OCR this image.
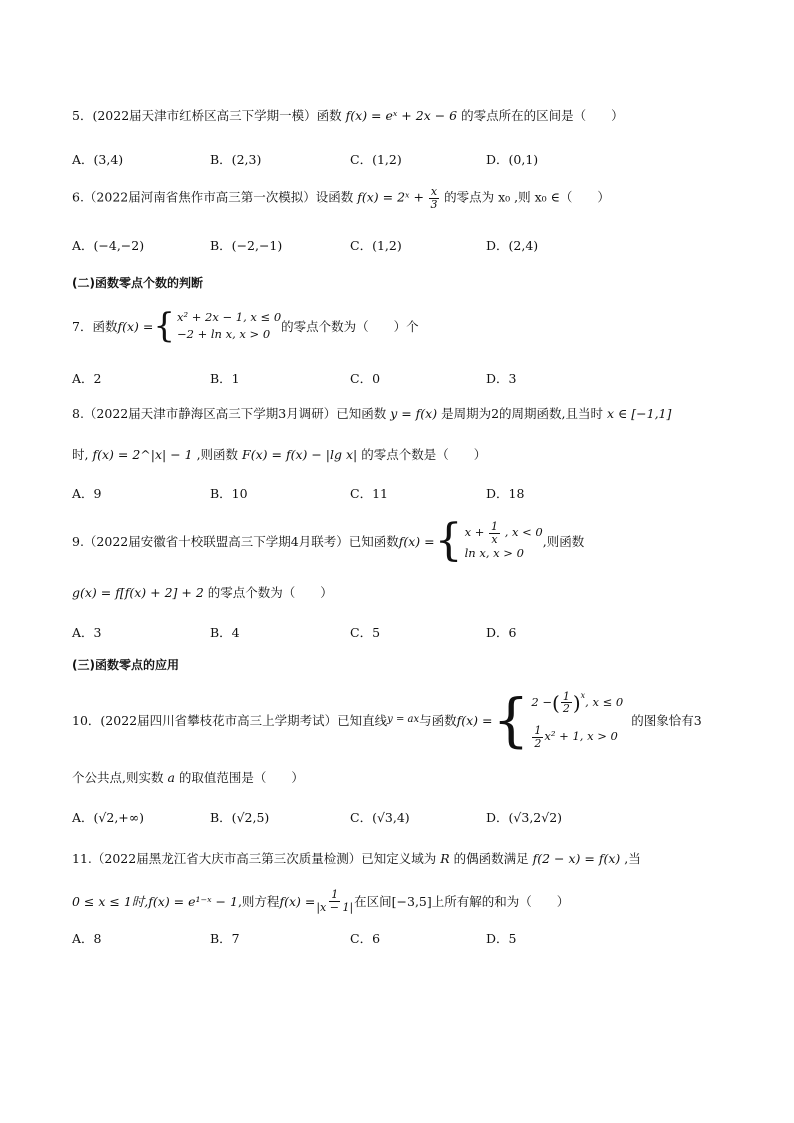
5．(2022届天津市红桥区高三下学期一模）函数 f(x) = eˣ + 2x − 6 的零点所在的区间是（　　）
A．(3,4)	B．(2,3)	C．(1,2)	D．(0,1)
6.（2022届河南省焦作市高三第一次模拟）设函数 f(x) = 2ˣ + $\frac{x}{3}$ 的零点为 x₀ ,则 x₀ ∈（　　）
A．(−4,−2)	B．(−2,−1)	C．(1,2)	D．(2,4)
(二)函数零点个数的判断
7．函数 f(x) = { x² + 2x − 1, x ≤ 0
−2 + ln x, x > 0
的零点个数为（　　）个
A．2	B．1	C．0	D．3
8.（2022届天津市静海区高三下学期3月调研）已知函数 y = f(x) 是周期为2的周期函数,且当时 x ∈ [−1,1]
时, f(x) = 2^|x| − 1 ,则函数 F(x) = f(x) − |lg x| 的零点个数是（　　）
A．9	B．10	C．11	D．18
9.（2022届安徽省十校联盟高三下学期4月联考）已知函数 f(x) = { $x + \frac{1}{x}$ , x < 0
ln x, x > 0
,则函数
g(x) = f[f(x) + 2] + 2 的零点个数为（　　）
A．3	B．4	C．5	D．6
(三)函数零点的应用
10．(2022届四川省攀枝花市高三上学期考试）已知直线 y = ax 与函数 f(x) = { 2 − ( $\frac{1}{2} )^x$ , x ≤ 0
$\frac{1}{2} x^2 + 1$, x > 0
的图象恰有3
个公共点,则实数 a 的取值范围是（　　）
A．(√2,+∞)	B．(√2,5)	C．(√3,4)	D．(√3,2√2)
11.（2022届黑龙江省大庆市高三第三次质量检测）已知定义域为 R 的偶函数满足 f(2 − x) = f(x) ,当
0 ≤ x ≤ 1时, f(x) = e¹⁻ˣ − 1 ,则方程 $f(x) = \frac{1}{|x - 1|}$ 在区间[−3,5] 上所有解的和为（　　）
A．8	B．7	C．6	D．5
